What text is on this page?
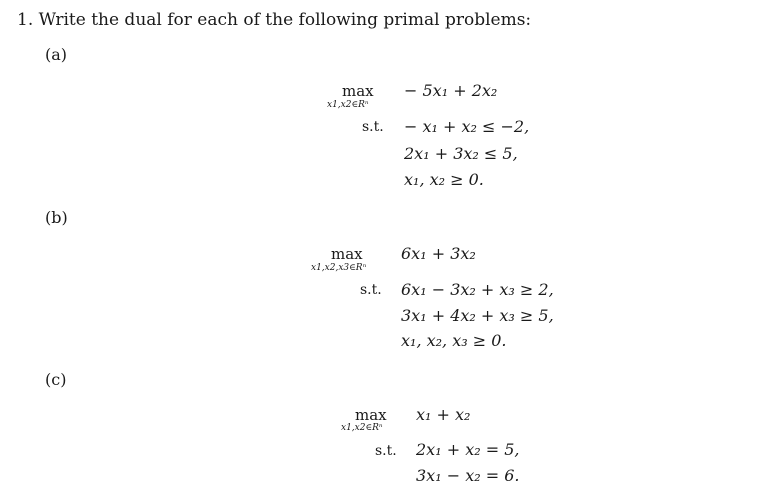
1. Write the dual for each of the following primal problems:
(a)
max
x1,x2∈Rⁿ
− 5x₁ + 2x₂
s.t. − x₁ + x₂ ≤ −2,
2x₁ + 3x₂ ≤ 5,
x₁, x₂ ≥ 0.
(b)
max
x1,x2,x3∈Rⁿ
6x₁ + 3x₂
s.t. 6x₁ − 3x₂ + x₃ ≥ 2,
3x₁ + 4x₂ + x₃ ≥ 5,
x₁, x₂, x₃ ≥ 0.
(c)
max
x1,x2∈Rⁿ
x₁ + x₂
s.t. 2x₁ + x₂ = 5,
3x₁ − x₂ = 6.
